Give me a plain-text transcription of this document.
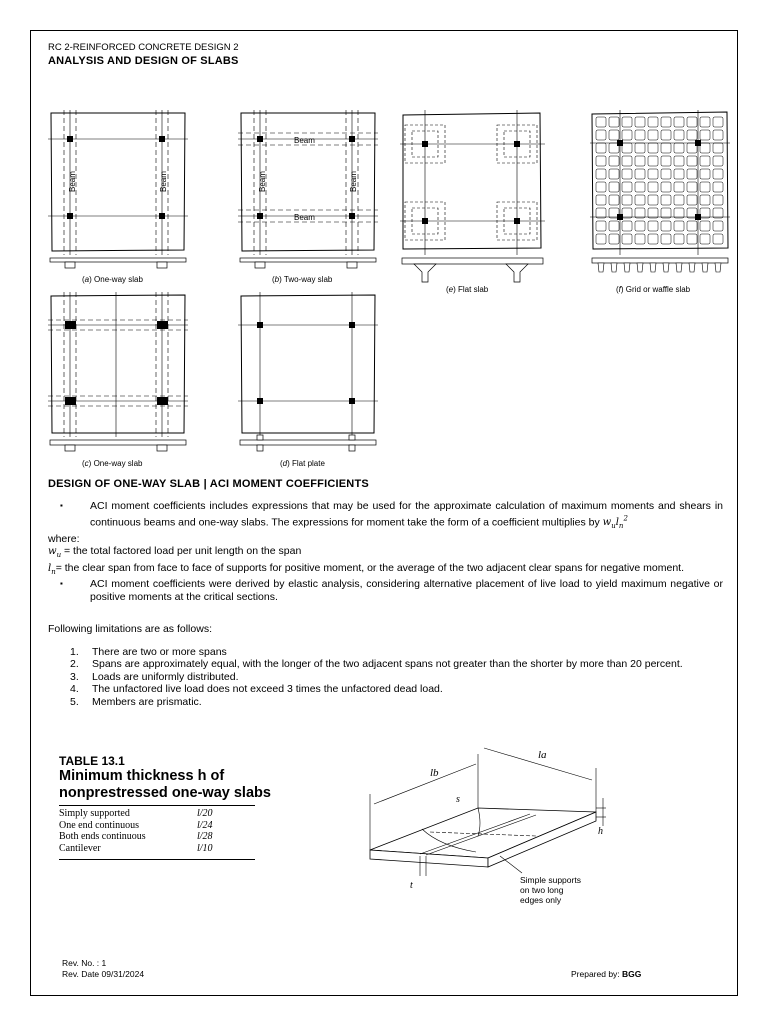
RC 2-REINFORCED CONCRETE DESIGN 2
ANALYSIS AND DESIGN OF SLABS
Beam	Beam
(a) One-way slab
Beam
Beam
Beam	Beam
(b) Two-way slab
(e) Flat slab	(f) Grid or waffle slab
(c) One-way slab	(d) Flat plate
DESIGN OF ONE-WAY SLAB | ACI MOMENT COEFFICIENTS

▪	ACI moment coefficients includes expressions that may be used for the approximate calculation of maximum moments and shears in continuous beams and one-way slabs. The expressions for moment take the form of a coefficient multiplies by $w_ul_n^2$

where:

$w_u$ = the total factored load per unit length on the span

$l_n=$ the clear span from face to face of supports for positive moment, or the average of the two adjacent clear spans for negative moment.

▪	ACI moment coefficients were derived by elastic analysis, considering alternative placement of live load to yield maximum negative or positive moments at the critical sections.

Following limitations are as follows:
1. There are two or more spans
2. Spans are approximately equal, with the longer of the two adjacent spans not greater than the shorter by more than 20 percent.
3. Loads are uniformly distributed.
4. The unfactored live load does not exceed 3 times the unfactored dead load.
5. Members are prismatic.
TABLE 13.1
Minimum thickness h of
nonprestressed one-way slabs
Simply supported	l/20
One end continuous	l/24
Both ends continuous	l/28
Cantilever	l/10
lb
la
s
h
t	Simple supports
on two long
edges only
Rev. No. : 1
Rev. Date 09/31/2024	Prepared by: BGG
